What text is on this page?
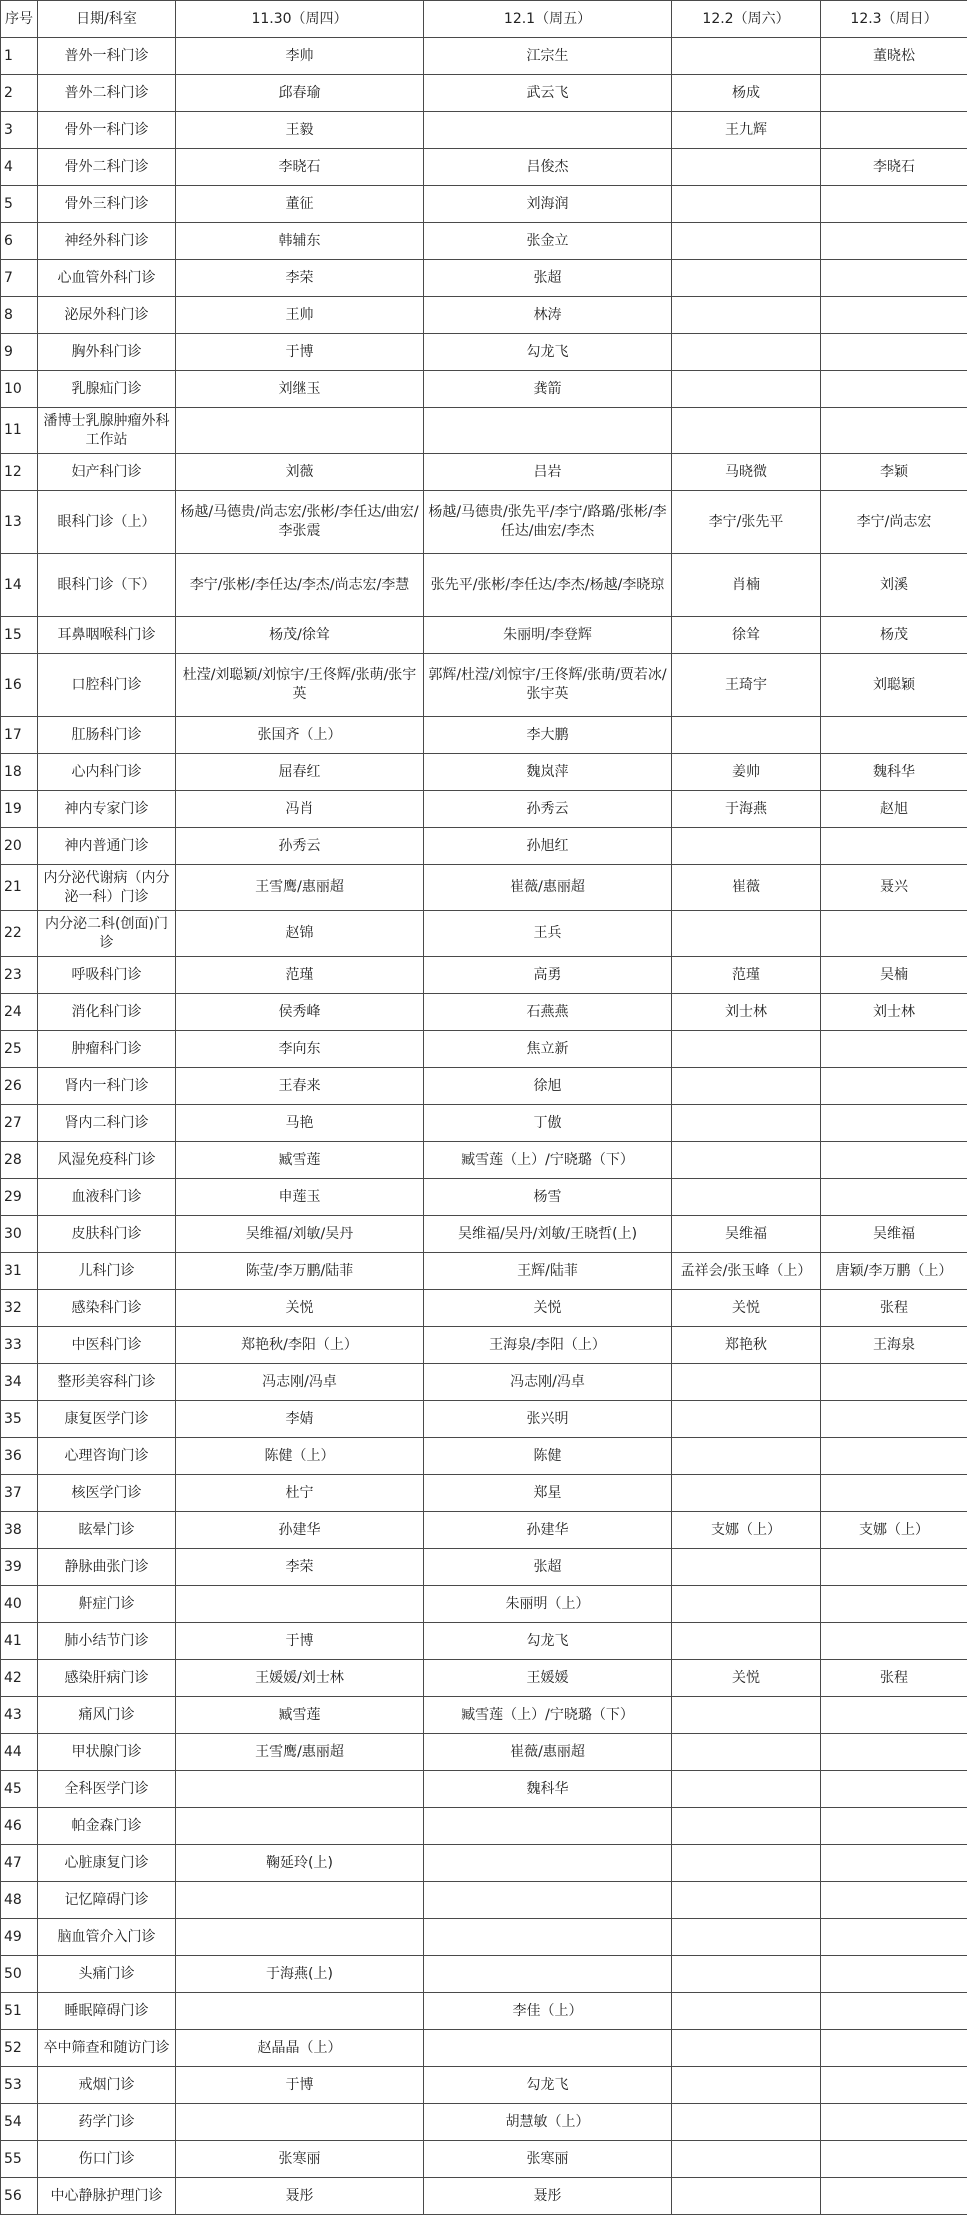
序号	日期/科室	11.30（周四）	12.1（周五）	12.2（周六）	12.3（周日）
1	普外一科门诊	李帅	江宗生		董晓松
2	普外二科门诊	邱春瑜	武云飞	杨成	
3	骨外一科门诊	王毅		王九辉	
4	骨外二科门诊	李晓石	吕俊杰		李晓石
5	骨外三科门诊	董征	刘海润		
6	神经外科门诊	韩辅东	张金立		
7	心血管外科门诊	李荣	张超		
8	泌尿外科门诊	王帅	林涛		
9	胸外科门诊	于博	勾龙飞		
10	乳腺疝门诊	刘继玉	龚箭		
11	潘博士乳腺肿瘤外科工作站				
12	妇产科门诊	刘薇	吕岩	马晓微	李颖
13	眼科门诊（上）	杨越/马德贵/尚志宏/张彬/李任达/曲宏/李张震	杨越/马德贵/张先平/李宁/路璐/张彬/李任达/曲宏/李杰	李宁/张先平	李宁/尚志宏
14	眼科门诊（下）	李宁/张彬/李任达/李杰/尚志宏/李慧	张先平/张彬/李任达/李杰/杨越/李晓琼	肖楠	刘溪
15	耳鼻咽喉科门诊	杨茂/徐耸	朱丽明/李登辉	徐耸	杨茂
16	口腔科门诊	杜滢/刘聪颖/刘惊宇/王佟辉/张萌/张宇英	郭辉/杜滢/刘惊宇/王佟辉/张萌/贾若冰/张宇英	王琦宇	刘聪颖
17	肛肠科门诊	张国齐（上）	李大鹏		
18	心内科门诊	屈春红	魏岚萍	姜帅	魏科华
19	神内专家门诊	冯肖	孙秀云	于海燕	赵旭
20	神内普通门诊	孙秀云	孙旭红		
21	内分泌代谢病（内分泌一科）门诊	王雪鹰/惠丽超	崔薇/惠丽超	崔薇	聂兴
22	内分泌二科(创面)门诊	赵锦	王兵		
23	呼吸科门诊	范瑾	高勇	范瑾	吴楠
24	消化科门诊	侯秀峰	石燕燕	刘士林	刘士林
25	肿瘤科门诊	李向东	焦立新		
26	肾内一科门诊	王春来	徐旭		
27	肾内二科门诊	马艳	丁傲		
28	风湿免疫科门诊	臧雪莲	臧雪莲（上）/宁晓璐（下）		
29	血液科门诊	申莲玉	杨雪		
30	皮肤科门诊	吴维福/刘敏/吴丹	吴维福/吴丹/刘敏/王晓哲(上)	吴维福	吴维福
31	儿科门诊	陈莹/李万鹏/陆菲	王辉/陆菲	孟祥会/张玉峰（上）	唐颖/李万鹏（上）
32	感染科门诊	关悦	关悦	关悦	张程
33	中医科门诊	郑艳秋/李阳（上）	王海泉/李阳（上）	郑艳秋	王海泉
34	整形美容科门诊	冯志刚/冯卓	冯志刚/冯卓		
35	康复医学门诊	李婧	张兴明		
36	心理咨询门诊	陈健（上）	陈健		
37	核医学门诊	杜宁	郑星		
38	眩晕门诊	孙建华	孙建华	支娜（上）	支娜（上）
39	静脉曲张门诊	李荣	张超		
40	鼾症门诊		朱丽明（上）		
41	肺小结节门诊	于博	勾龙飞		
42	感染肝病门诊	王媛媛/刘士林	王媛媛	关悦	张程
43	痛风门诊	臧雪莲	臧雪莲（上）/宁晓璐（下）		
44	甲状腺门诊	王雪鹰/惠丽超	崔薇/惠丽超		
45	全科医学门诊		魏科华		
46	帕金森门诊				
47	心脏康复门诊	鞠延玲(上)			
48	记忆障碍门诊				
49	脑血管介入门诊				
50	头痛门诊	于海燕(上)			
51	睡眠障碍门诊		李佳（上）		
52	卒中筛查和随访门诊	赵晶晶（上）			
53	戒烟门诊	于博	勾龙飞		
54	药学门诊		胡慧敏（上）		
55	伤口门诊	张寒丽	张寒丽		
56	中心静脉护理门诊	聂彤	聂彤		
